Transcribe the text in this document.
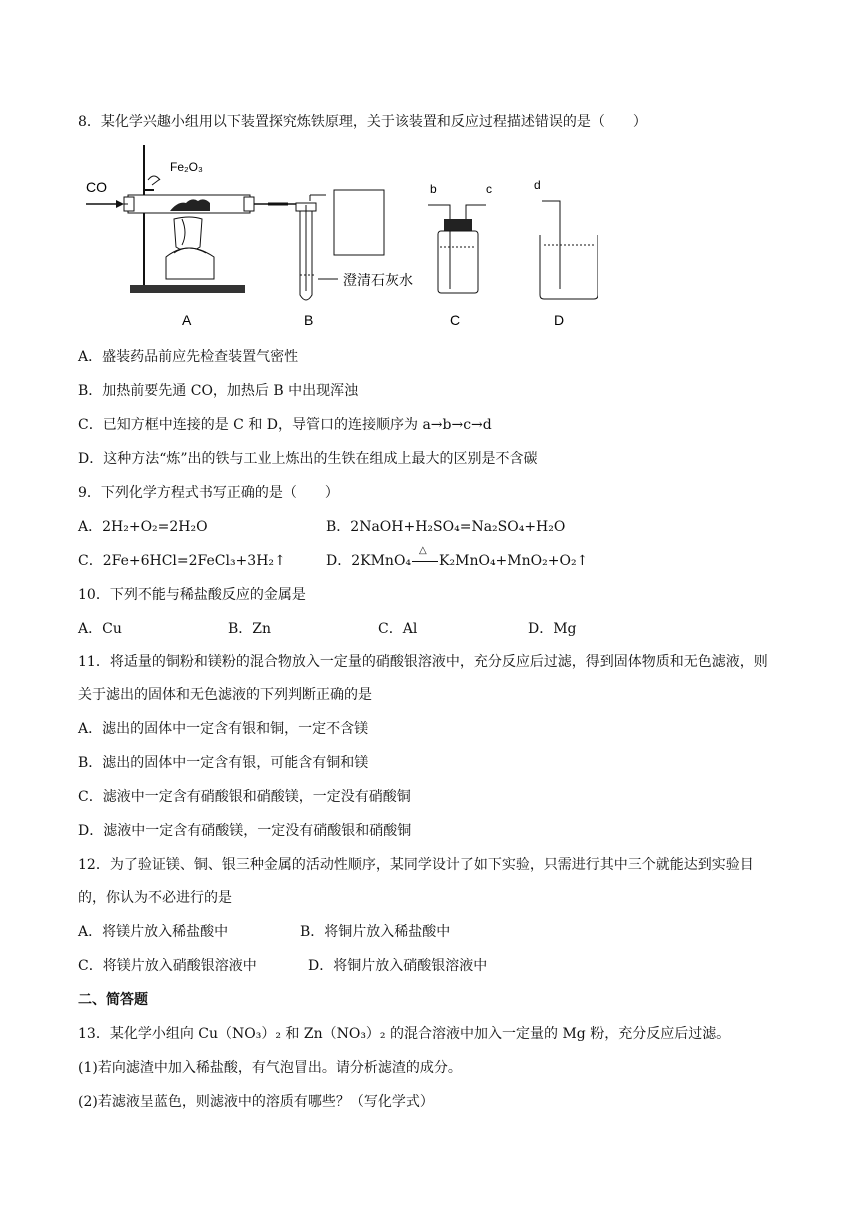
8．某化学兴趣小组用以下装置探究炼铁原理，关于该装置和反应过程描述错误的是（　　）
CO
Fe₂O₃
A
澄清石灰水
B
b	c
C
d
D
A．盛装药品前应先检查装置气密性
B．加热前要先通 CO，加热后 B 中出现浑浊
C．已知方框中连接的是 C 和 D，导管口的连接顺序为 a→b→c→d
D．这种方法“炼”出的铁与工业上炼出的生铁在组成上最大的区别是不含碳
9．下列化学方程式书写正确的是（　　）
A．2H₂+O₂=2H₂O	B．2NaOH+H₂SO₄=Na₂SO₄+H₂O
C．2Fe+6HCl=2FeCl₃+3H₂↑	D．2KMnO₄
△
K₂MnO₄+MnO₂+O₂↑
10．下列不能与稀盐酸反应的金属是
A．Cu	B．Zn	C．Al	D．Mg
11．将适量的铜粉和镁粉的混合物放入一定量的硝酸银溶液中，充分反应后过滤，得到固体物质和无色滤液，则关于滤出的固体和无色滤液的下列判断正确的是
A．滤出的固体中一定含有银和铜，一定不含镁
B．滤出的固体中一定含有银，可能含有铜和镁
C．滤液中一定含有硝酸银和硝酸镁，一定没有硝酸铜
D．滤液中一定含有硝酸镁，一定没有硝酸银和硝酸铜
12．为了验证镁、铜、银三种金属的活动性顺序，某同学设计了如下实验，只需进行其中三个就能达到实验目的，你认为不必进行的是
A．将镁片放入稀盐酸中	B．将铜片放入稀盐酸中
C．将镁片放入硝酸银溶液中	D．将铜片放入硝酸银溶液中
二、简答题
13．某化学小组向 Cu（NO₃）₂ 和 Zn（NO₃）₂ 的混合溶液中加入一定量的 Mg 粉，充分反应后过滤。
(1)若向滤渣中加入稀盐酸，有气泡冒出。请分析滤渣的成分。
(2)若滤液呈蓝色，则滤液中的溶质有哪些？（写化学式）
